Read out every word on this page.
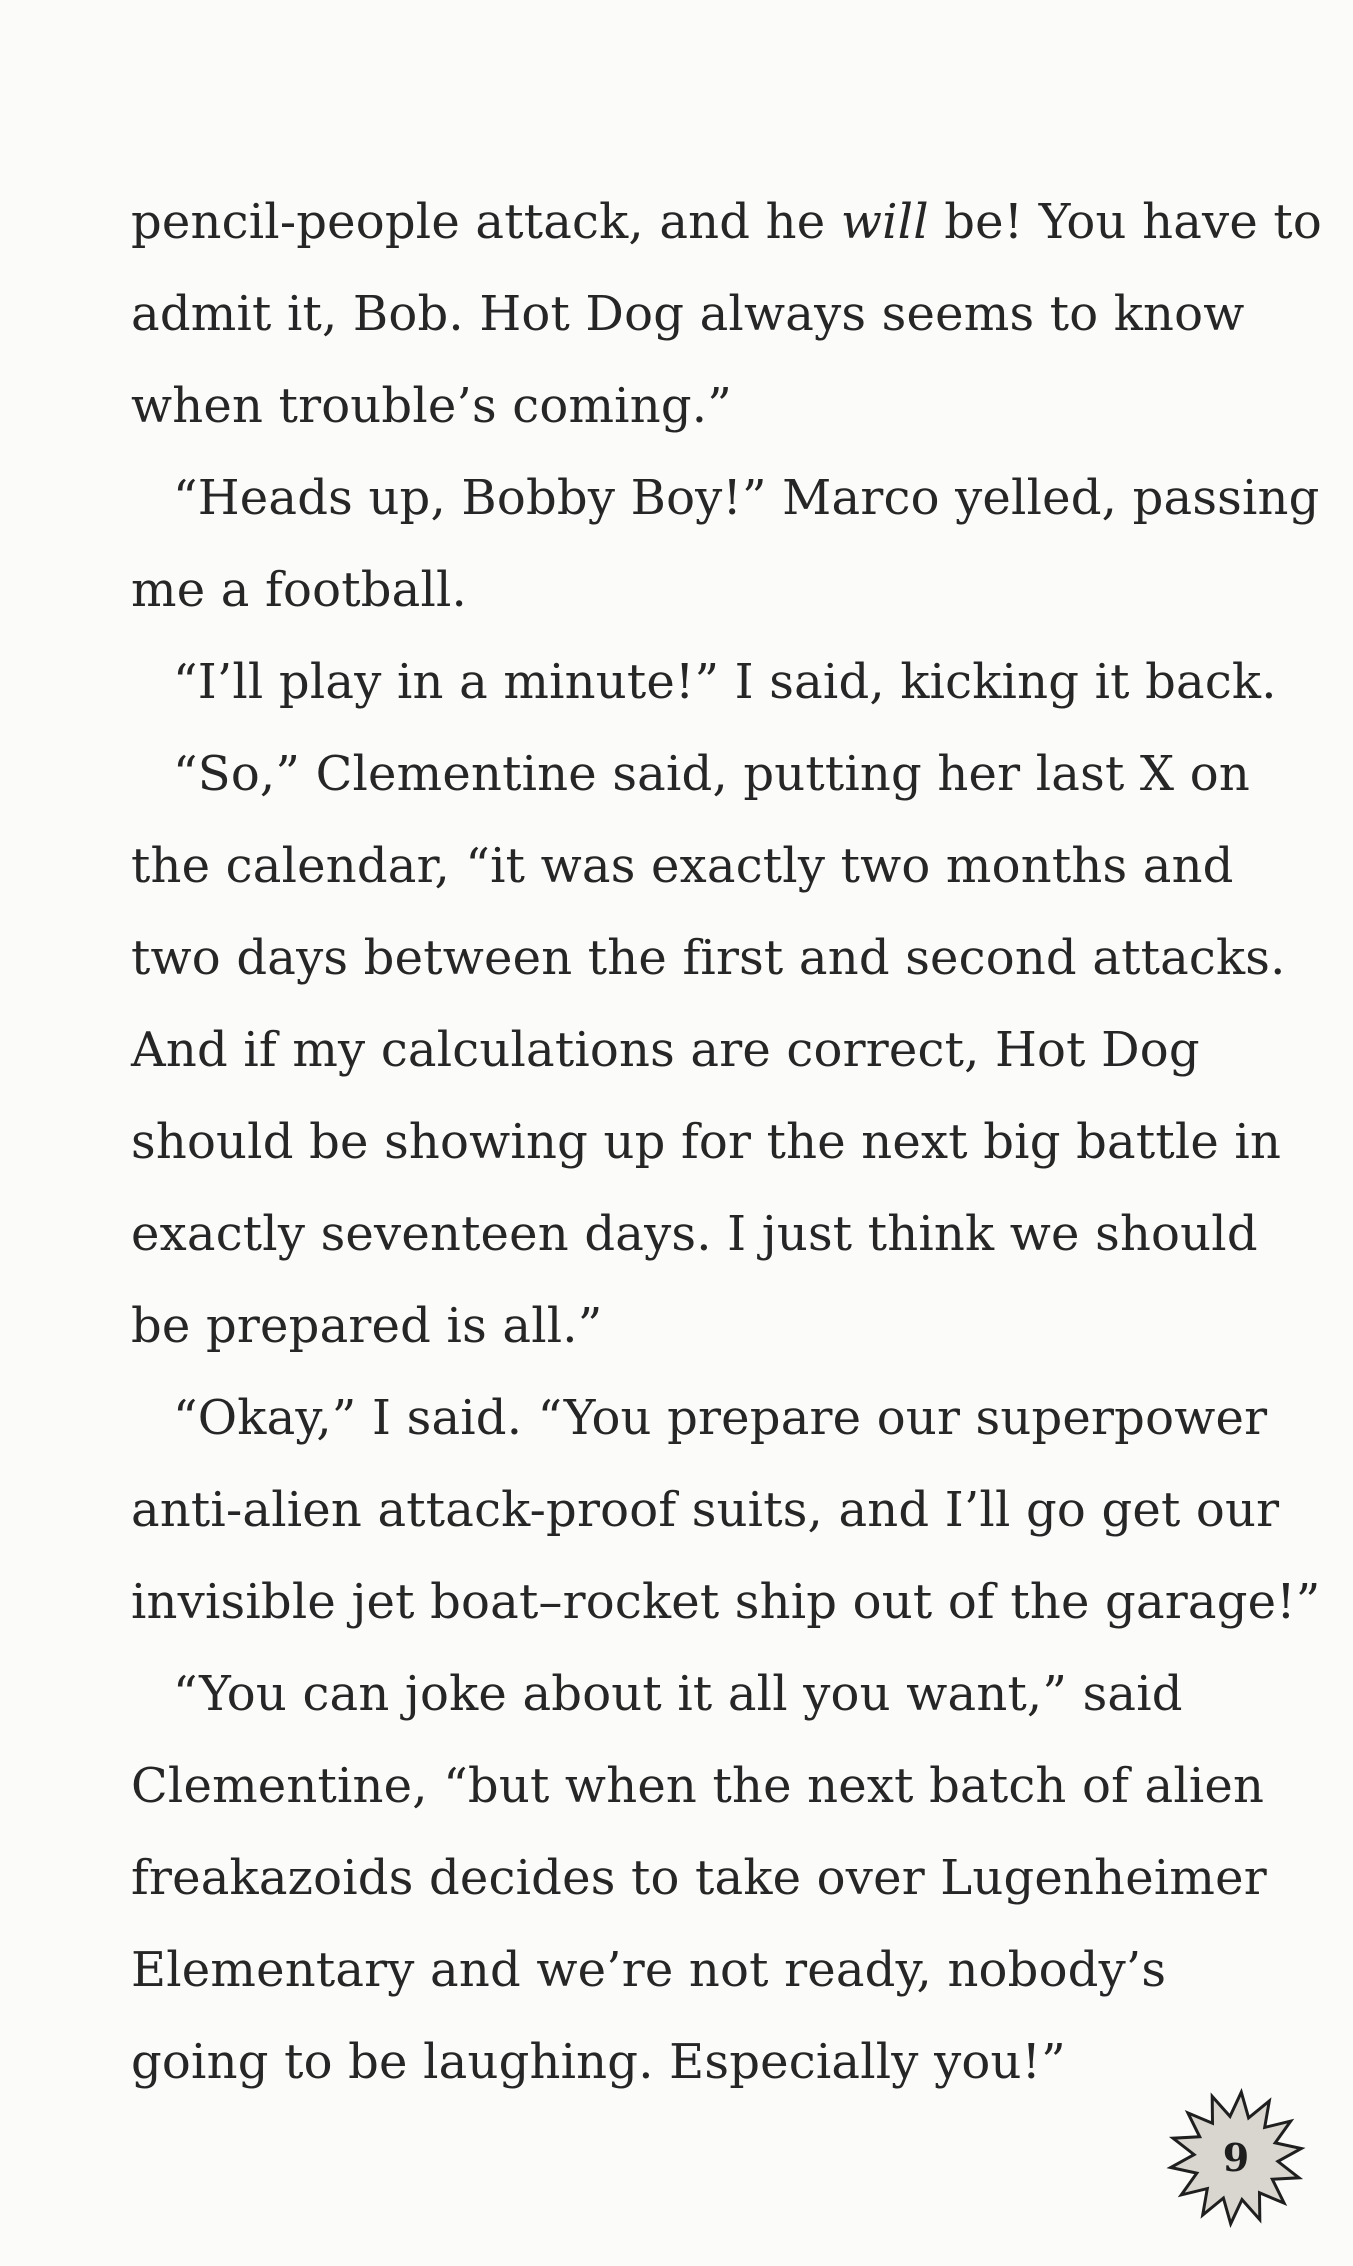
pencil-people attack, and he will be! You have to
admit it, Bob. Hot Dog always seems to know
when trouble’s coming.”
“Heads up, Bobby Boy!” Marco yelled, passing
me a football.
“I’ll play in a minute!” I said, kicking it back.
“So,” Clementine said, putting her last X on
the calendar, “it was exactly two months and
two days between the first and second attacks.
And if my calculations are correct, Hot Dog
should be showing up for the next big battle in
exactly seventeen days. I just think we should
be prepared is all.”
“Okay,” I said. “You prepare our superpower
anti-alien attack-proof suits, and I’ll go get our
invisible jet boat–rocket ship out of the garage!”
“You can joke about it all you want,” said
Clementine, “but when the next batch of alien
freakazoids decides to take over Lugenheimer
Elementary and we’re not ready, nobody’s
going to be laughing. Especially you!”
9
